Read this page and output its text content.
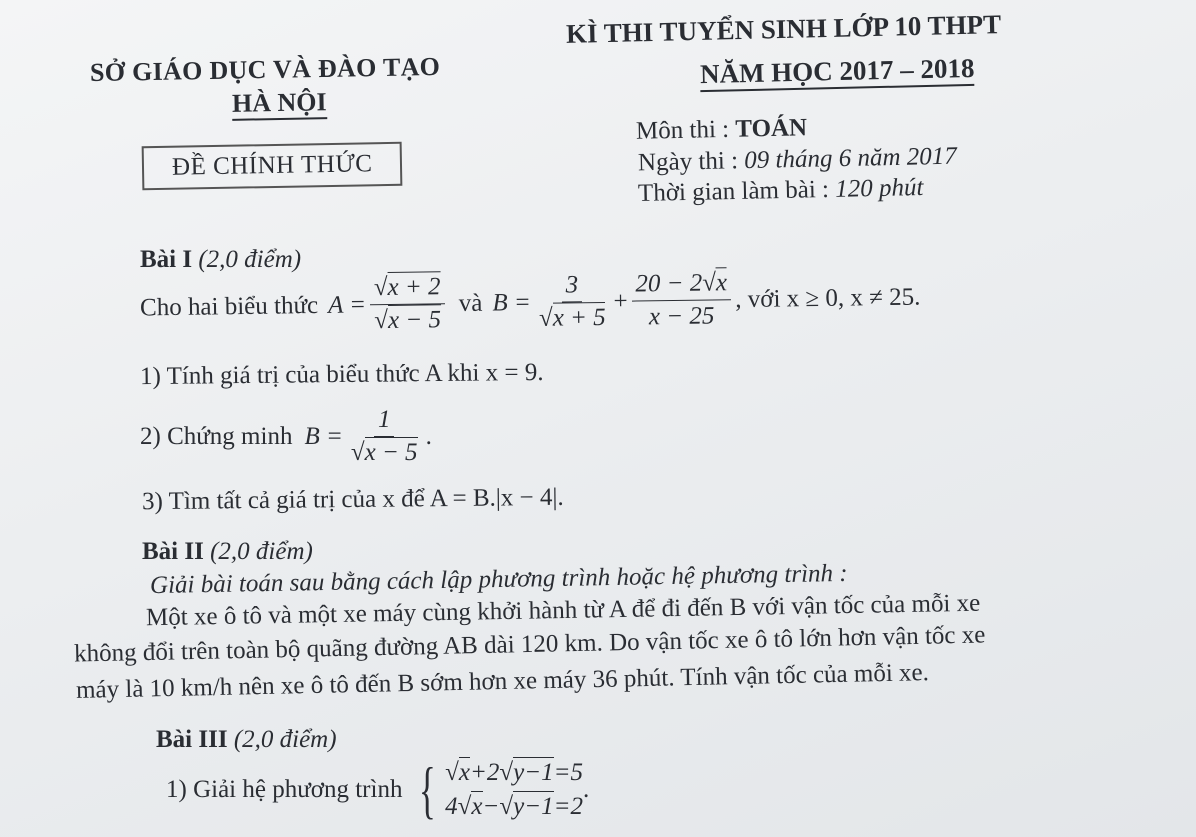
SỞ GIÁO DỤC VÀ ĐÀO TẠO
HÀ NỘI
ĐỀ CHÍNH THỨC
KÌ THI TUYỂN SINH LỚP 10 THPT
NĂM HỌC 2017 – 2018
Môn thi : TOÁN
Ngày thi : 09 tháng 6 năm 2017
Thời gian làm bài : 120 phút
Bài I (2,0 điểm)
Cho hai biểu thức $A = \frac{√x + 2}{√x - 5}$ và $B = \frac{3}{√x + 5} + \frac{20 - 2√x}{x - 25}$ , với x ≥ 0, x ≠ 25.
1) Tính giá trị của biểu thức A khi x = 9.
2) Chứng minh $B = \frac{1}{√x - 5}$ .
3) Tìm tất cả giá trị của x để A = B.|x − 4|.
Bài II (2,0 điểm)
Giải bài toán sau bằng cách lập phương trình hoặc hệ phương trình :
Một xe ô tô và một xe máy cùng khởi hành từ A để đi đến B với vận tốc của mỗi xe
không đổi trên toàn bộ quãng đường AB dài 120 km. Do vận tốc xe ô tô lớn hơn vận tốc xe
máy là 10 km/h nên xe ô tô đến B sớm hơn xe máy 36 phút. Tính vận tốc của mỗi xe.
Bài III (2,0 điểm)
1) Giải hệ phương trình { √x+2√y−1=5
4√x−√y−1=2
.
